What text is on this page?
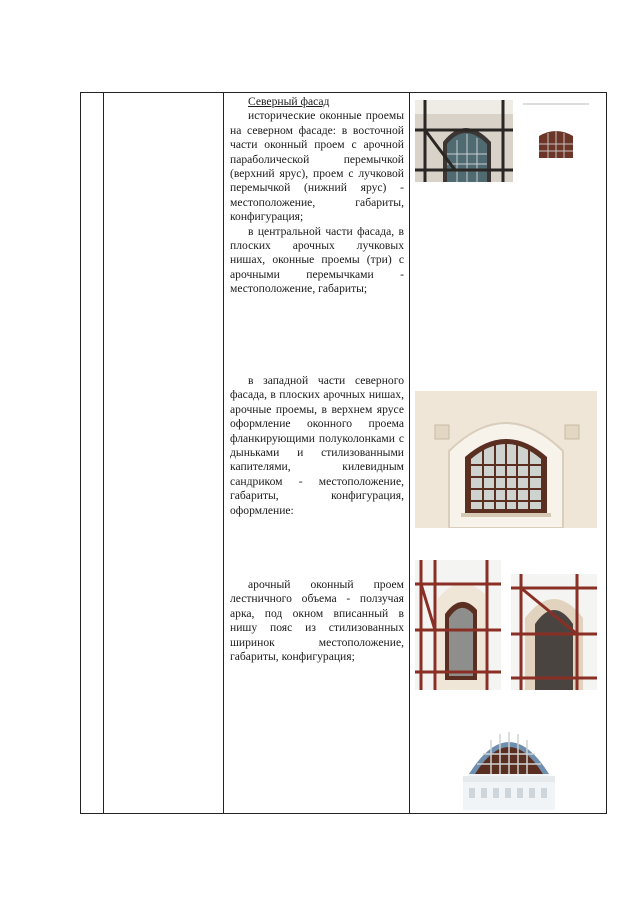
Северный фасад

исторические оконные проемы на северном фасаде: в восточной части оконный проем с арочной параболической перемычкой (верхний ярус), проем с лучковой перемычкой (нижний ярус) - местоположение, габариты, конфигурация;

в центральной части фасада, в плоских арочных лучковых нишах, оконные проемы (три) с арочными перемычками - местоположение, габариты;

в западной части северного фасада, в плоских арочных нишах, арочные проемы, в верхнем ярусе оформление оконного проема фланкирующими полуколонками с дыньками и стилизованными капителями, килевидным сандриком - местоположение, габариты, конфигурация, оформление:

арочный оконный проем лестничного объема - ползучая арка, под окном вписанный в нишу пояс из стилизованных ширинок местоположение, габариты, конфигурация;
